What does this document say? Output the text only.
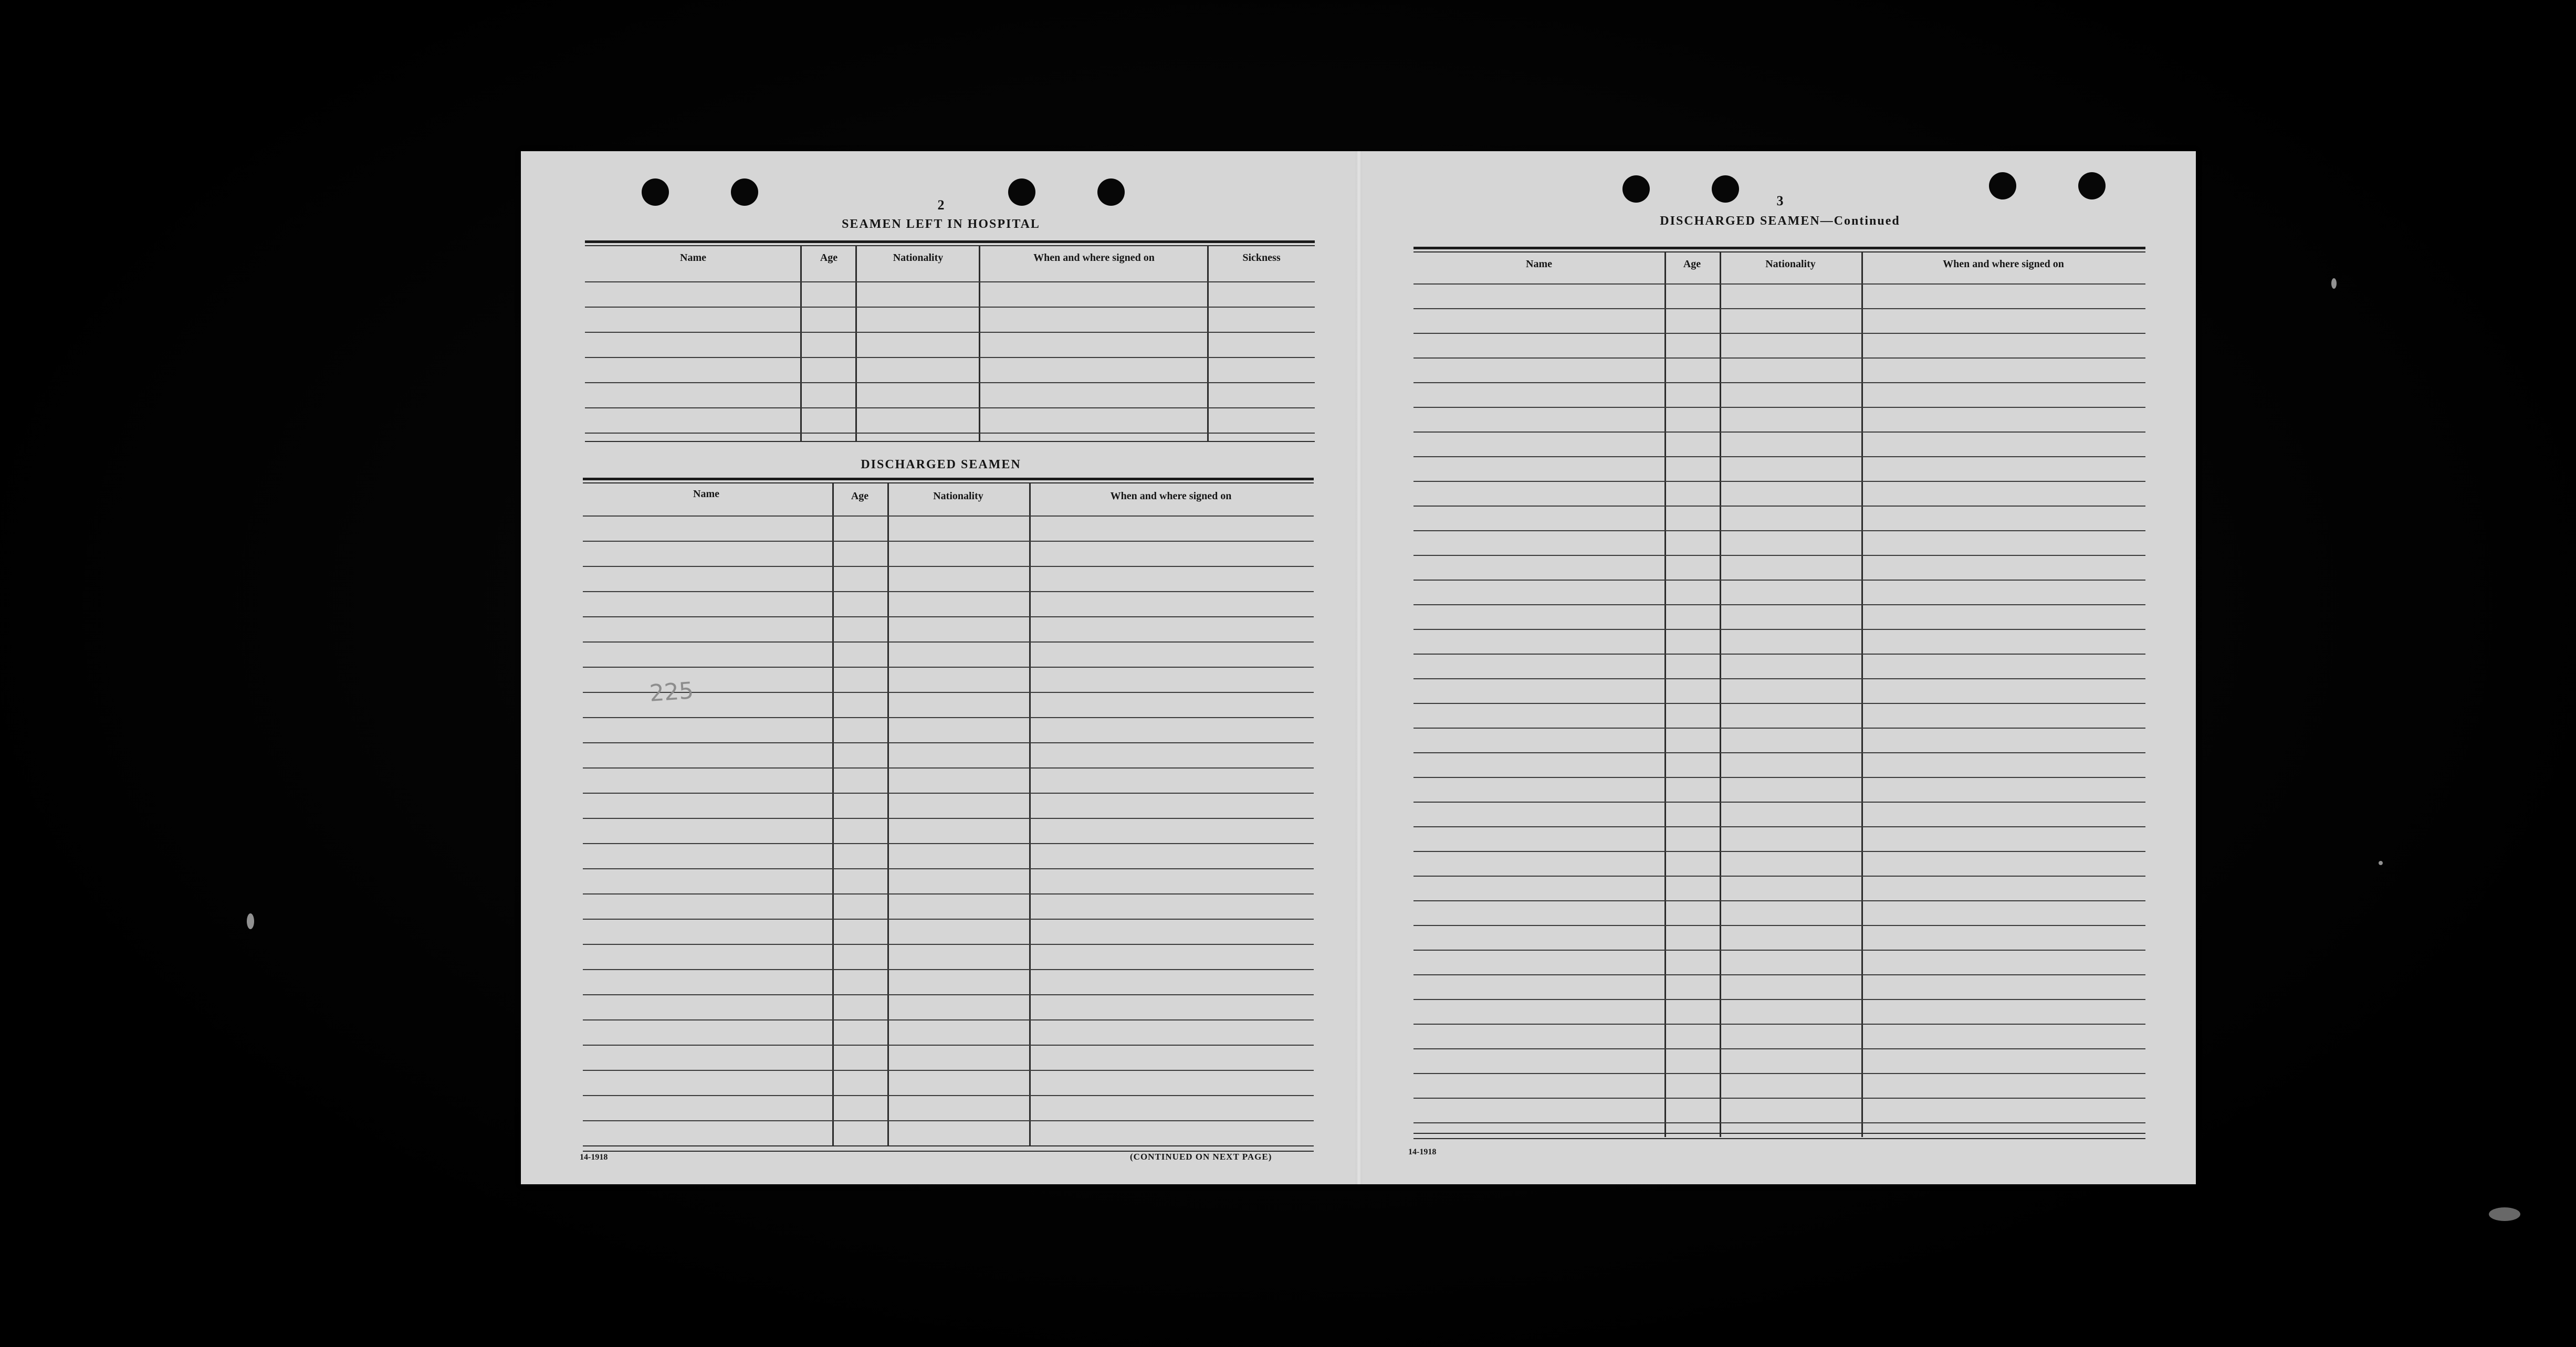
2
SEAMEN LEFT IN HOSPITAL
Name	Age	Nationality	When and where signed on	Sickness
DISCHARGED SEAMEN
Name	Age	Nationality	When and where signed on
225
14-1918	(CONTINUED ON NEXT PAGE)
3
DISCHARGED SEAMEN—Continued
Name	Age	Nationality	When and where signed on
14-1918
